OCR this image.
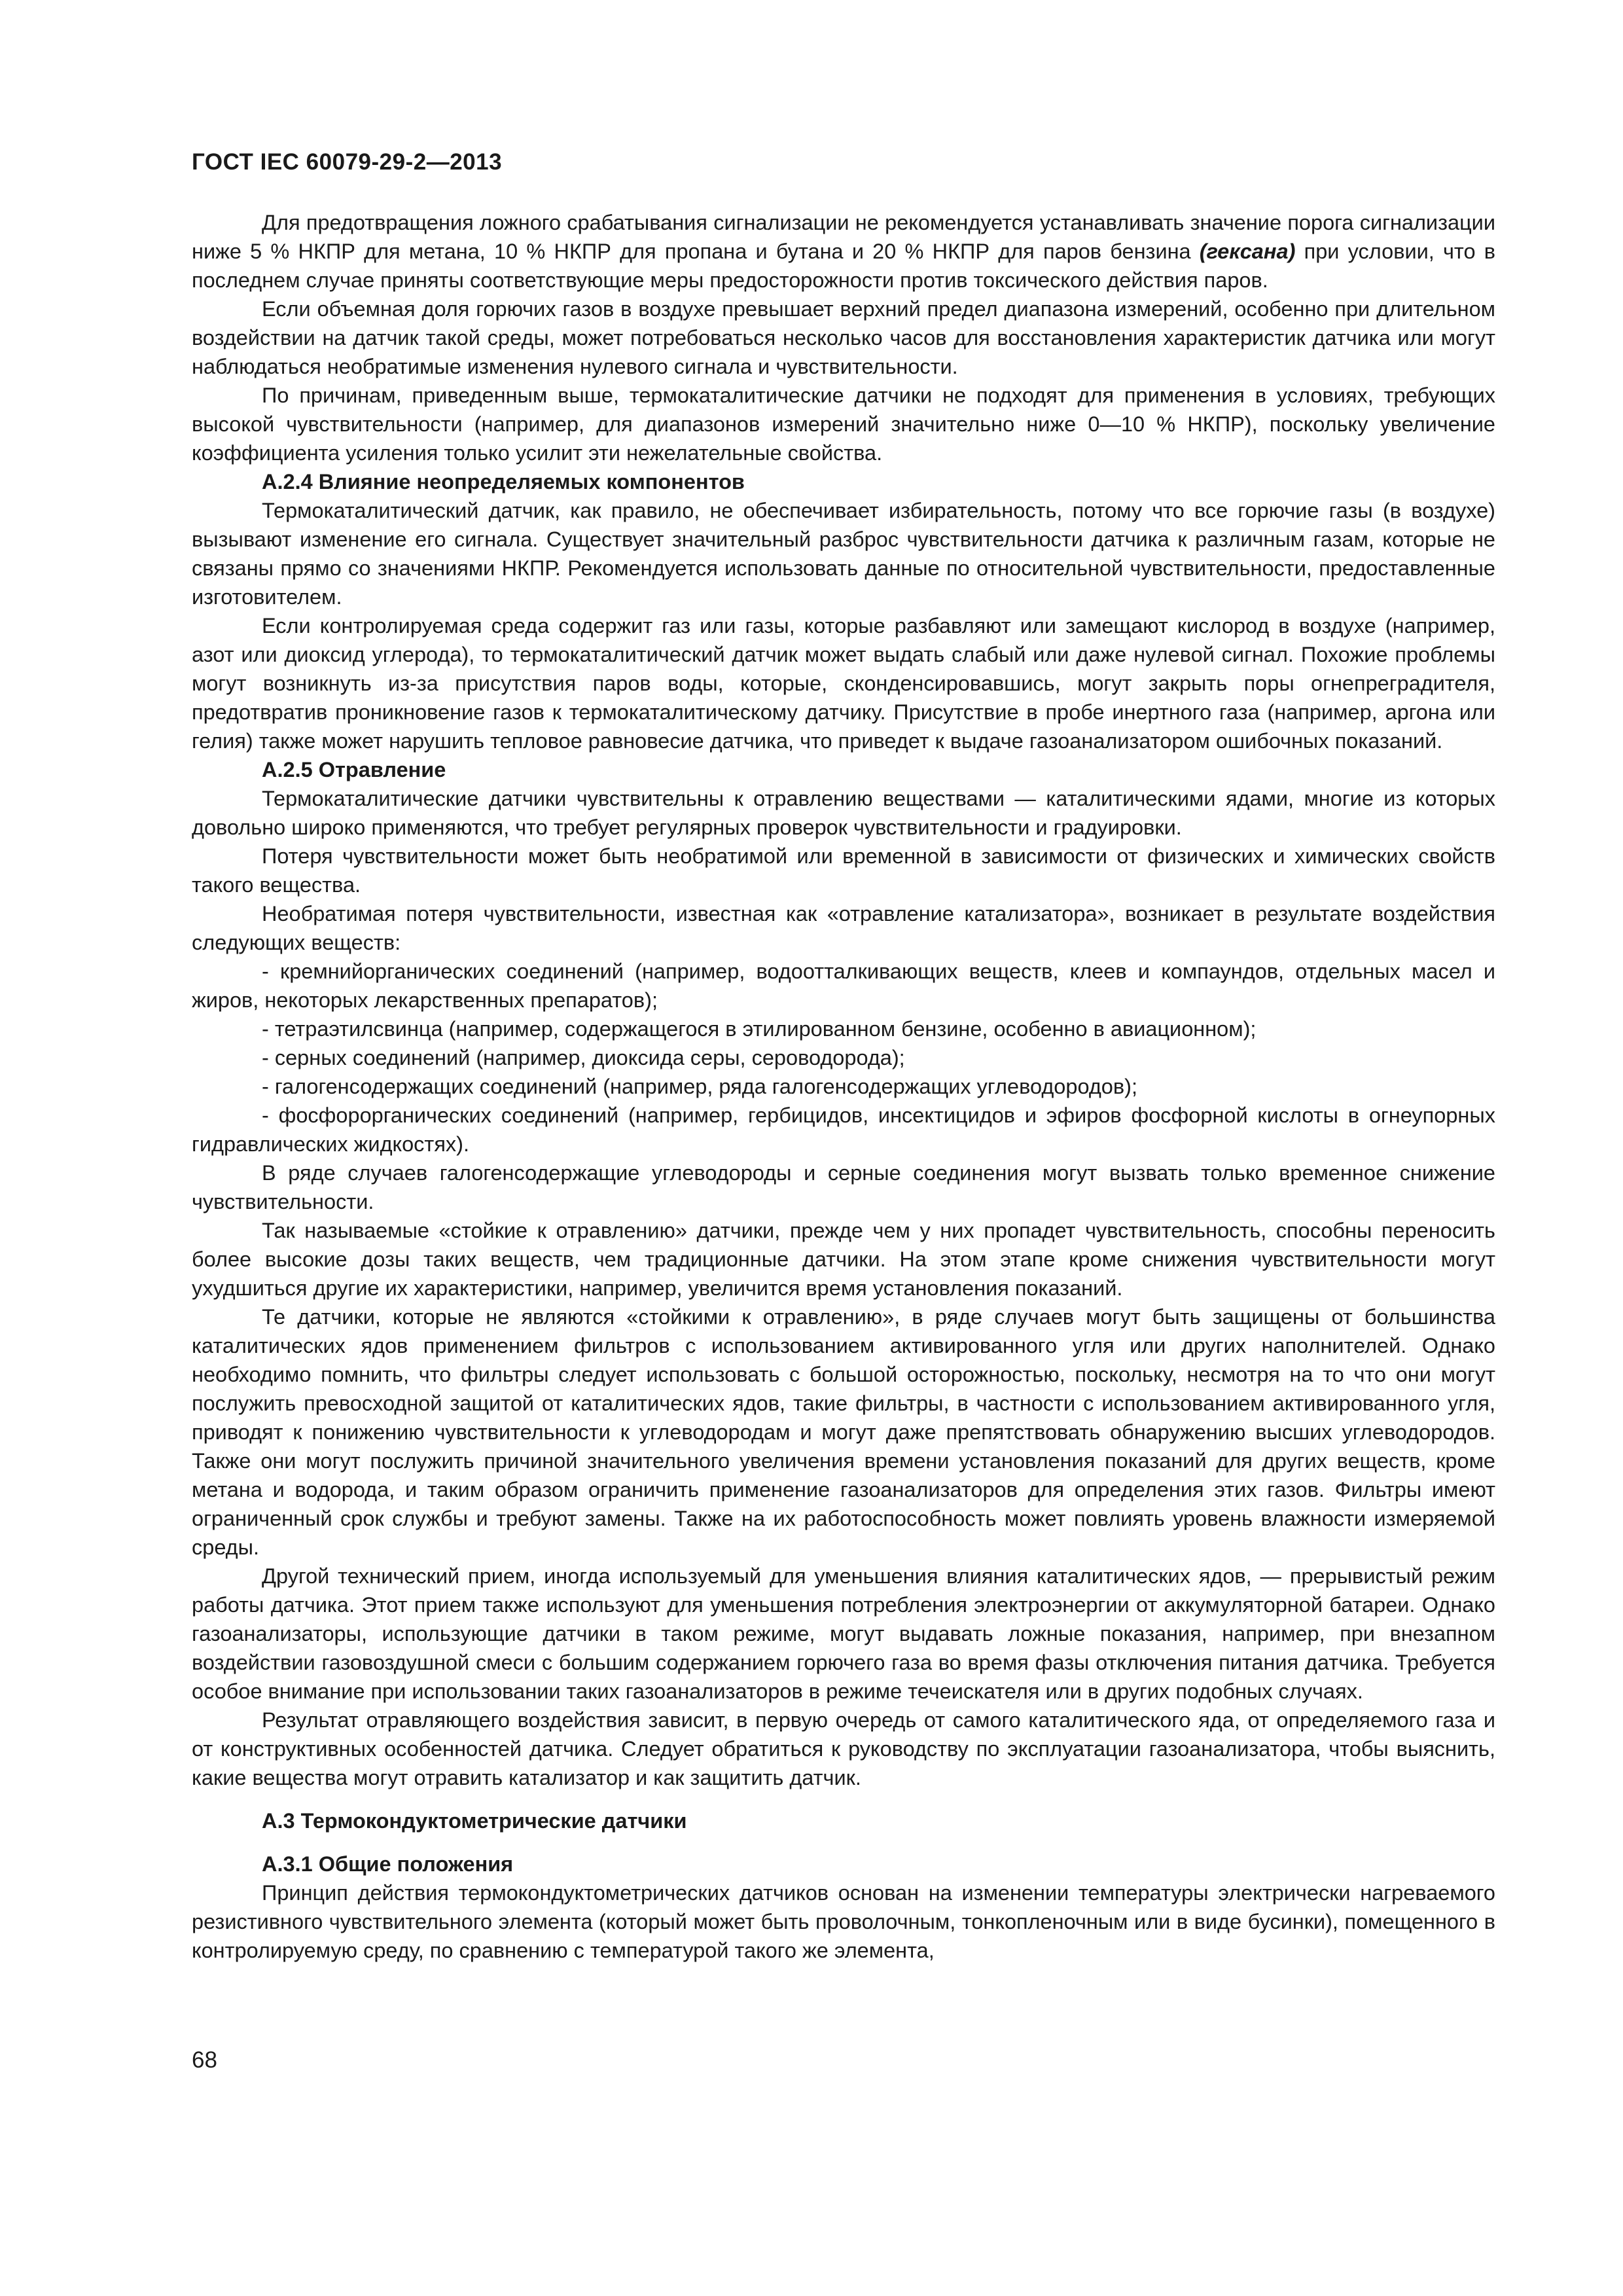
ГОСТ IEC 60079-29-2—2013

Для предотвращения ложного срабатывания сигнализации не рекомендуется устанавливать значение порога сигнализации ниже 5 % НКПР для метана, 10 % НКПР для пропана и бутана и 20 % НКПР для паров бензина (гексана) при условии, что в последнем случае приняты соответствующие меры предосторожности против токсического действия паров.

Если объемная доля горючих газов в воздухе превышает верхний предел диапазона измерений, особенно при длительном воздействии на датчик такой среды, может потребоваться несколько часов для восстановления характеристик датчика или могут наблюдаться необратимые изменения нулевого сигнала и чувствительности.

По причинам, приведенным выше, термокаталитические датчики не подходят для применения в условиях, требующих высокой чувствительности (например, для диапазонов измерений значительно ниже 0—10 % НКПР), поскольку увеличение коэффициента усиления только усилит эти нежелательные свойства.

А.2.4 Влияние неопределяемых компонентов

Термокаталитический датчик, как правило, не обеспечивает избирательность, потому что все горючие газы (в воздухе) вызывают изменение его сигнала. Существует значительный разброс чувствительности датчика к различным газам, которые не связаны прямо со значениями НКПР. Рекомендуется использовать данные по относительной чувствительности, предоставленные изготовителем.

Если контролируемая среда содержит газ или газы, которые разбавляют или замещают кислород в воздухе (например, азот или диоксид углерода), то термокаталитический датчик может выдать слабый или даже нулевой сигнал. Похожие проблемы могут возникнуть из-за присутствия паров воды, которые, сконденсировавшись, могут закрыть поры огнепреградителя, предотвратив проникновение газов к термокаталитическому датчику. Присутствие в пробе инертного газа (например, аргона или гелия) также может нарушить тепловое равновесие датчика, что приведет к выдаче газоанализатором ошибочных показаний.

А.2.5 Отравление

Термокаталитические датчики чувствительны к отравлению веществами — каталитическими ядами, многие из которых довольно широко применяются, что требует регулярных проверок чувствительности и градуировки.

Потеря чувствительности может быть необратимой или временной в зависимости от физических и химических свойств такого вещества.

Необратимая потеря чувствительности, известная как «отравление катализатора», возникает в результате воздействия следующих веществ:

- кремнийорганических соединений (например, водоотталкивающих веществ, клеев и компаундов, отдельных масел и жиров, некоторых лекарственных препаратов);

- тетраэтилсвинца (например, содержащегося в этилированном бензине, особенно в авиационном);

- серных соединений (например, диоксида серы, сероводорода);

- галогенсодержащих соединений (например, ряда галогенсодержащих углеводородов);

- фосфорорганических соединений (например, гербицидов, инсектицидов и эфиров фосфорной кислоты в огнеупорных гидравлических жидкостях).

В ряде случаев галогенсодержащие углеводороды и серные соединения могут вызвать только временное снижение чувствительности.

Так называемые «стойкие к отравлению» датчики, прежде чем у них пропадет чувствительность, способны переносить более высокие дозы таких веществ, чем традиционные датчики. На этом этапе кроме снижения чувствительности могут ухудшиться другие их характеристики, например, увеличится время установления показаний.

Те датчики, которые не являются «стойкими к отравлению», в ряде случаев могут быть защищены от большинства каталитических ядов применением фильтров с использованием активированного угля или других наполнителей. Однако необходимо помнить, что фильтры следует использовать с большой осторожностью, поскольку, несмотря на то что они могут послужить превосходной защитой от каталитических ядов, такие фильтры, в частности с использованием активированного угля, приводят к понижению чувствительности к углеводородам и могут даже препятствовать обнаружению высших углеводородов. Также они могут послужить причиной значительного увеличения времени установления показаний для других веществ, кроме метана и водорода, и таким образом ограничить применение газоанализаторов для определения этих газов. Фильтры имеют ограниченный срок службы и требуют замены. Также на их работоспособность может повлиять уровень влажности измеряемой среды.

Другой технический прием, иногда используемый для уменьшения влияния каталитических ядов, — прерывистый режим работы датчика. Этот прием также используют для уменьшения потребления электроэнергии от аккумуляторной батареи. Однако газоанализаторы, использующие датчики в таком режиме, могут выдавать ложные показания, например, при внезапном воздействии газовоздушной смеси с большим содержанием горючего газа во время фазы отключения питания датчика. Требуется особое внимание при использовании таких газоанализаторов в режиме течеискателя или в других подобных случаях.

Результат отравляющего воздействия зависит, в первую очередь от самого каталитического яда, от определяемого газа и от конструктивных особенностей датчика. Следует обратиться к руководству по эксплуатации газоанализатора, чтобы выяснить, какие вещества могут отравить катализатор и как защитить датчик.

А.3 Термокондуктометрические датчики
А.3.1 Общие положения

Принцип действия термокондуктометрических датчиков основан на изменении температуры электрически нагреваемого резистивного чувствительного элемента (который может быть проволочным, тонкопленочным или в виде бусинки), помещенного в контролируемую среду, по сравнению с температурой такого же элемента,

68
